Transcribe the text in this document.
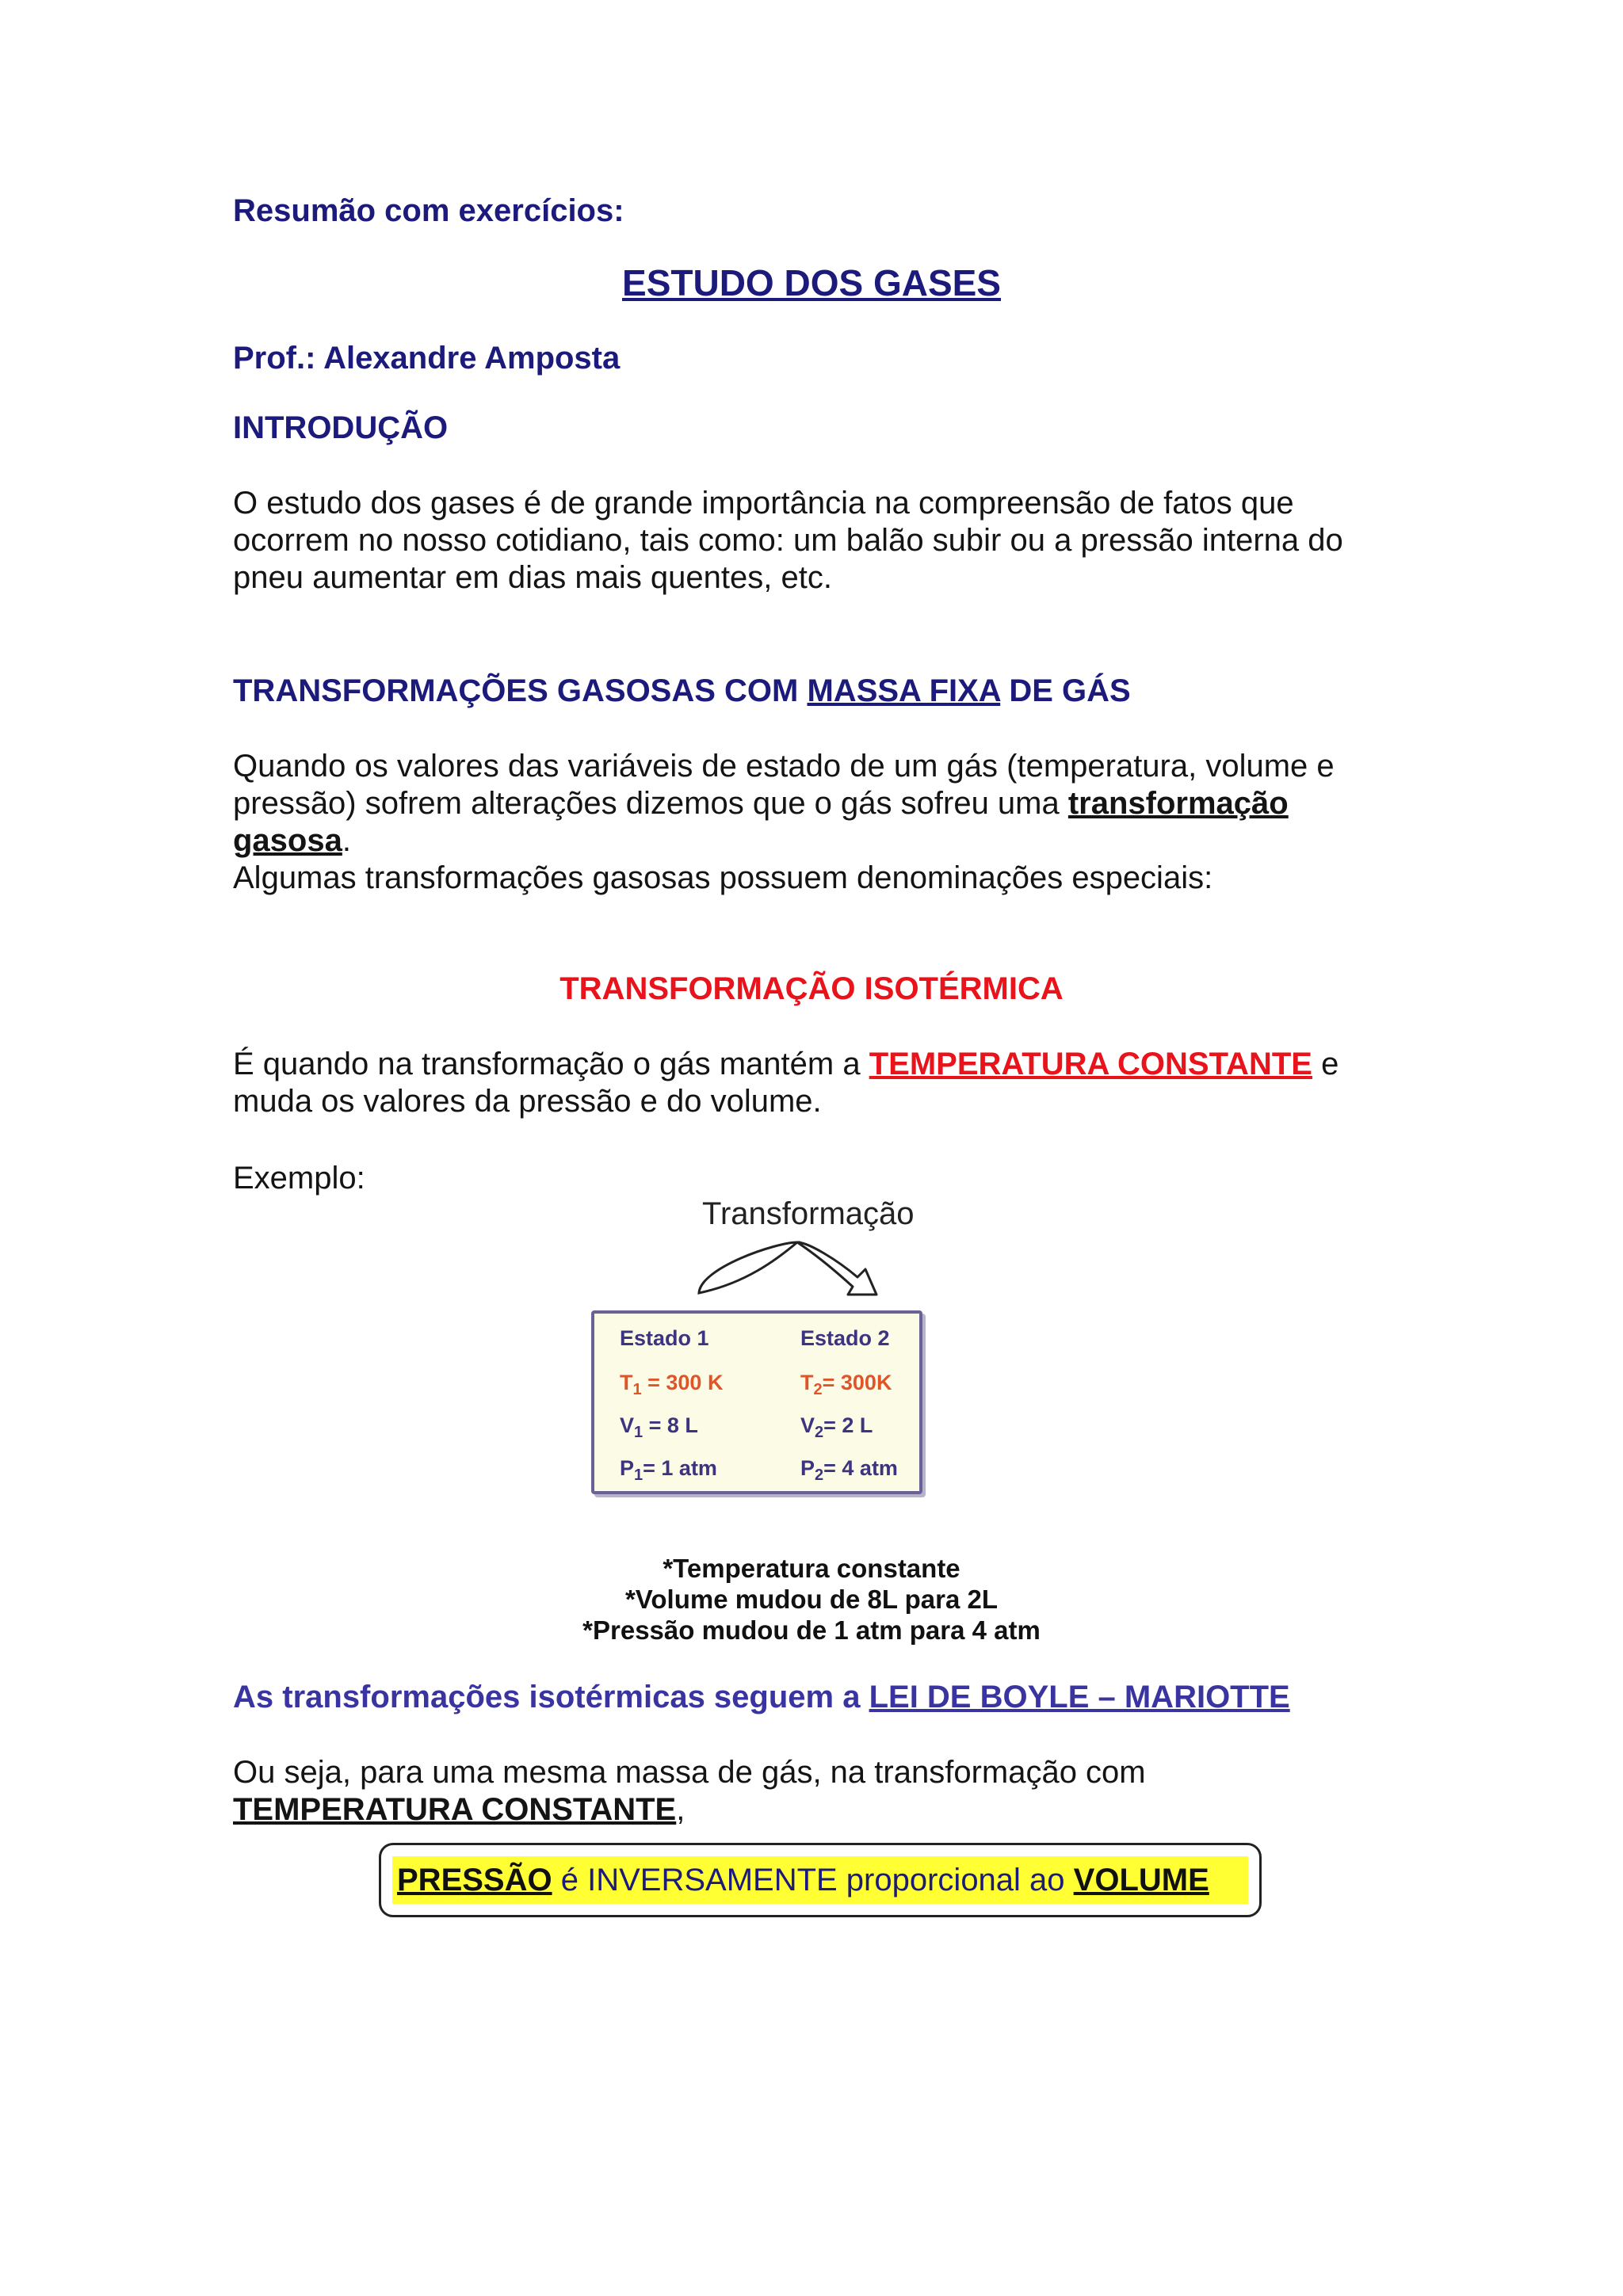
Resumão com exercícios:
ESTUDO DOS GASES
Prof.: Alexandre Amposta
INTRODUÇÃO
O estudo dos gases é de grande importância na compreensão de fatos que
ocorrem no nosso cotidiano, tais como: um balão subir ou a pressão interna do
pneu aumentar em dias mais quentes, etc.
TRANSFORMAÇÕES GASOSAS COM MASSA FIXA DE GÁS
Quando os valores das variáveis de estado de um gás (temperatura, volume e
pressão) sofrem alterações dizemos que o gás sofreu uma transformação
gasosa.
Algumas transformações gasosas possuem denominações especiais:
TRANSFORMAÇÃO ISOTÉRMICA
É quando na transformação o gás mantém a TEMPERATURA CONSTANTE e
muda os valores da pressão e do volume.
Exemplo:
Transformação
Estado 1	Estado 2
$T_1 = 300$ K	$T_2= 300K$
$V_1 = 8$ L	$V_2= 2$ L
$P_1= 1$ atm	$P_2= 4$ atm
*Temperatura constante
*Volume mudou de 8L para 2L
*Pressão mudou de 1 atm para 4 atm
As transformações isotérmicas seguem a LEI DE BOYLE – MARIOTTE
Ou seja, para uma mesma massa de gás, na transformação com
TEMPERATURA CONSTANTE,
PRESSÃO é INVERSAMENTE proporcional ao VOLUME
